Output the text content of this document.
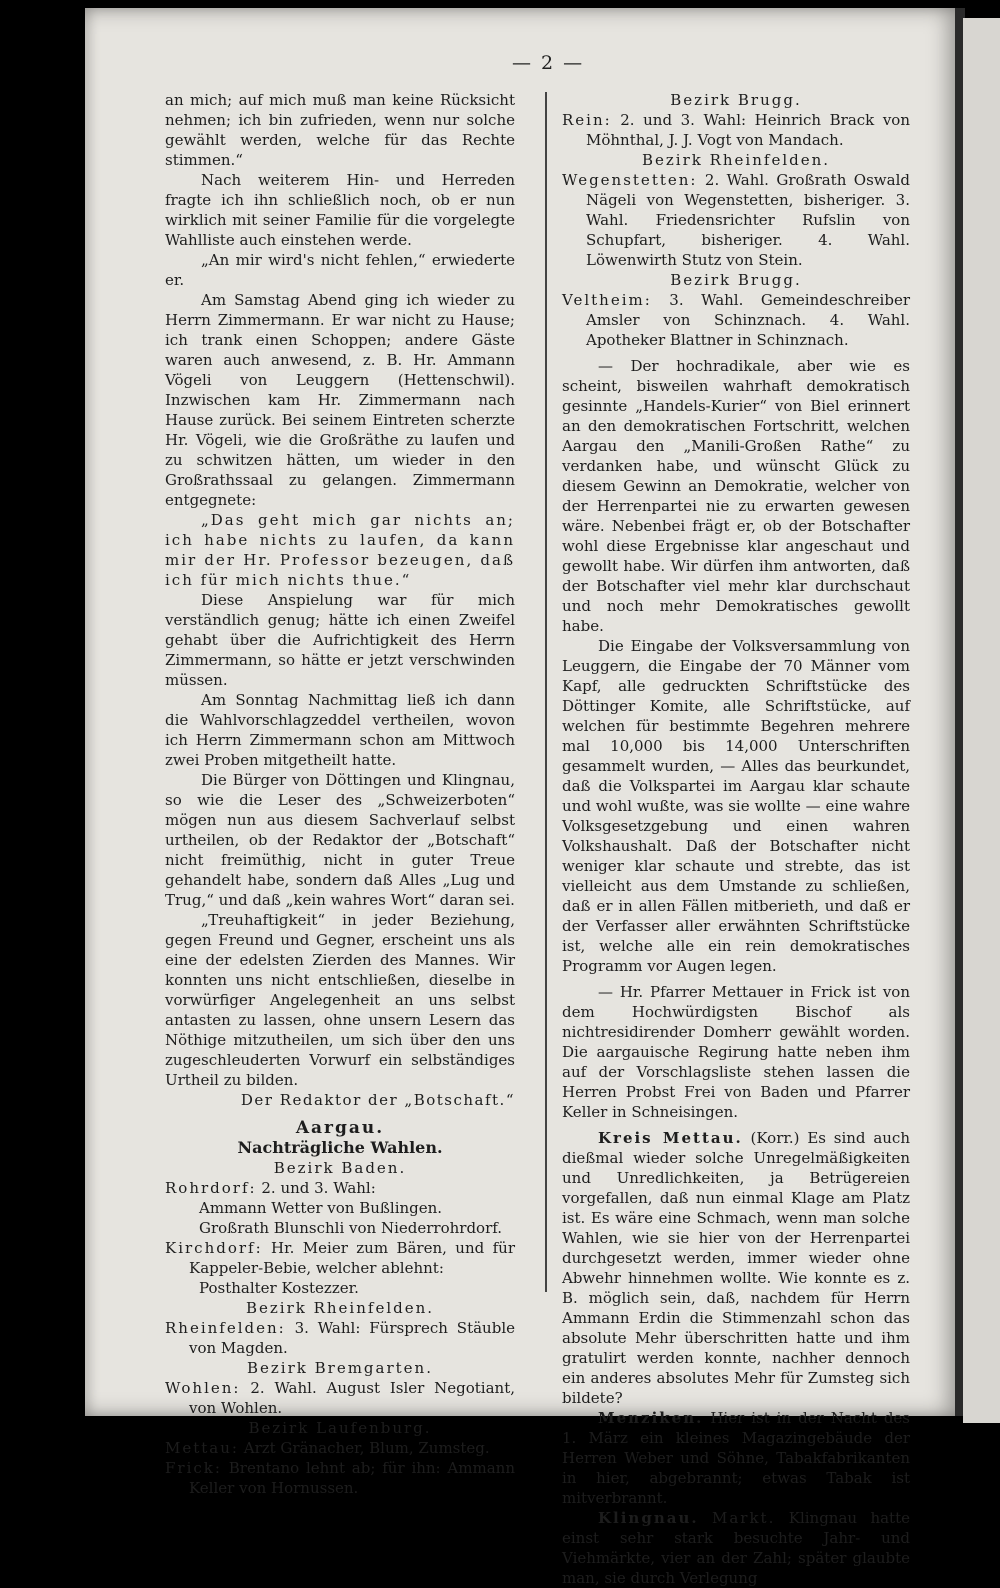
— 2 —

an mich; auf mich muß man keine Rücksicht nehmen; ich bin zufrieden, wenn nur solche gewählt werden, welche für das Rechte stimmen.“

Nach weiterem Hin- und Herreden fragte ich ihn schließlich noch, ob er nun wirklich mit seiner Familie für die vorgelegte Wahlliste auch einstehen werde.

„An mir wird's nicht fehlen,“ erwiederte er.

Am Samstag Abend ging ich wieder zu Herrn Zimmermann. Er war nicht zu Hause; ich trank einen Schoppen; andere Gäste waren auch anwesend, z. B. Hr. Ammann Vögeli von Leuggern (Hettenschwil). Inzwischen kam Hr. Zimmermann nach Hause zurück. Bei seinem Eintreten scherzte Hr. Vögeli, wie die Großräthe zu laufen und zu schwitzen hätten, um wieder in den Großrathssaal zu gelangen. Zimmermann entgegnete:

„Das geht mich gar nichts an; ich habe nichts zu laufen, da kann mir der Hr. Professor bezeugen, daß ich für mich nichts thue.“

Diese Anspielung war für mich verständlich genug; hätte ich einen Zweifel gehabt über die Aufrichtigkeit des Herrn Zimmermann, so hätte er jetzt verschwinden müssen.

Am Sonntag Nachmittag ließ ich dann die Wahlvorschlagzeddel vertheilen, wovon ich Herrn Zimmermann schon am Mittwoch zwei Proben mitgetheilt hatte.

Die Bürger von Döttingen und Klingnau, so wie die Leser des „Schweizerboten“ mögen nun aus diesem Sachverlauf selbst urtheilen, ob der Redaktor der „Botschaft“ nicht freimüthig, nicht in guter Treue gehandelt habe, sondern daß Alles „Lug und Trug,“ und daß „kein wahres Wort“ daran sei.

„Treuhaftigkeit“ in jeder Beziehung, gegen Freund und Gegner, erscheint uns als eine der edelsten Zierden des Mannes. Wir konnten uns nicht entschließen, dieselbe in vorwürfiger Angelegenheit an uns selbst antasten zu lassen, ohne unsern Lesern das Nöthige mitzutheilen, um sich über den uns zugeschleuderten Vorwurf ein selbständiges Urtheil zu bilden.

Der Redaktor der „Botschaft.“

Aargau.

Nachträgliche Wahlen.

Bezirk Baden.

Rohrdorf: 2. und 3. Wahl:

Ammann Wetter von Bußlingen.

Großrath Blunschli von Niederrohrdorf.

Kirchdorf: Hr. Meier zum Bären, und für Kappeler-Bebie, welcher ablehnt:

Posthalter Kostezzer.

Bezirk Rheinfelden.

Rheinfelden: 3. Wahl: Fürsprech Stäuble von Magden.

Bezirk Bremgarten.

Wohlen: 2. Wahl. August Isler Negotiant, von Wohlen.

Bezirk Laufenburg.

Mettau: Arzt Gränacher, Blum, Zumsteg.

Frick: Brentano lehnt ab; für ihn: Ammann Keller von Hornussen.

Bezirk Brugg.

Rein: 2. und 3. Wahl: Heinrich Brack von Möhnthal, J. J. Vogt von Mandach.

Bezirk Rheinfelden.

Wegenstetten: 2. Wahl. Großrath Oswald Nägeli von Wegenstetten, bisheriger. 3. Wahl. Friedensrichter Rufslin von Schupfart, bisheriger. 4. Wahl. Löwenwirth Stutz von Stein.

Bezirk Brugg.

Veltheim: 3. Wahl. Gemeindeschreiber Amsler von Schinznach. 4. Wahl. Apotheker Blattner in Schinznach.

— Der hochradikale, aber wie es scheint, bisweilen wahrhaft demokratisch gesinnte „Handels-Kurier“ von Biel erinnert an den demokratischen Fortschritt, welchen Aargau den „Manili-Großen Rathe“ zu verdanken habe, und wünscht Glück zu diesem Gewinn an Demokratie, welcher von der Herrenpartei nie zu erwarten gewesen wäre. Nebenbei frägt er, ob der Botschafter wohl diese Ergebnisse klar angeschaut und gewollt habe. Wir dürfen ihm antworten, daß der Botschafter viel mehr klar durchschaut und noch mehr Demokratisches gewollt habe.

Die Eingabe der Volksversammlung von Leuggern, die Eingabe der 70 Männer vom Kapf, alle gedruckten Schriftstücke des Döttinger Komite, alle Schriftstücke, auf welchen für bestimmte Begehren mehrere mal 10,000 bis 14,000 Unterschriften gesammelt wurden, — Alles das beurkundet, daß die Volkspartei im Aargau klar schaute und wohl wußte, was sie wollte — eine wahre Volksgesetzgebung und einen wahren Volkshaushalt. Daß der Botschafter nicht weniger klar schaute und strebte, das ist vielleicht aus dem Umstande zu schließen, daß er in allen Fällen mitberieth, und daß er der Verfasser aller erwähnten Schriftstücke ist, welche alle ein rein demokratisches Programm vor Augen legen.

— Hr. Pfarrer Mettauer in Frick ist von dem Hochwürdigsten Bischof als nichtresidirender Domherr gewählt worden. Die aargauische Regirung hatte neben ihm auf der Vorschlagsliste stehen lassen die Herren Probst Frei von Baden und Pfarrer Keller in Schneisingen.

Kreis Mettau. (Korr.) Es sind auch dießmal wieder solche Unregelmäßigkeiten und Unredlichkeiten, ja Betrügereien vorgefallen, daß nun einmal Klage am Platz ist. Es wäre eine Schmach, wenn man solche Wahlen, wie sie hier von der Herrenpartei durchgesetzt werden, immer wieder ohne Abwehr hinnehmen wollte. Wie konnte es z. B. möglich sein, daß, nachdem für Herrn Ammann Erdin die Stimmenzahl schon das absolute Mehr überschritten hatte und ihm gratulirt werden konnte, nachher dennoch ein anderes absolutes Mehr für Zumsteg sich bildete?

Menziken. Hier ist in der Nacht des 1. März ein kleines Magazingebäude der Herren Weber und Söhne, Tabakfabrikanten in hier, abgebrannt; etwas Tabak ist mitverbrannt.

Klingnau. Markt. Klingnau hatte einst sehr stark besuchte Jahr- und Viehmärkte, vier an der Zahl; später glaubte man, sie durch Verlegung
